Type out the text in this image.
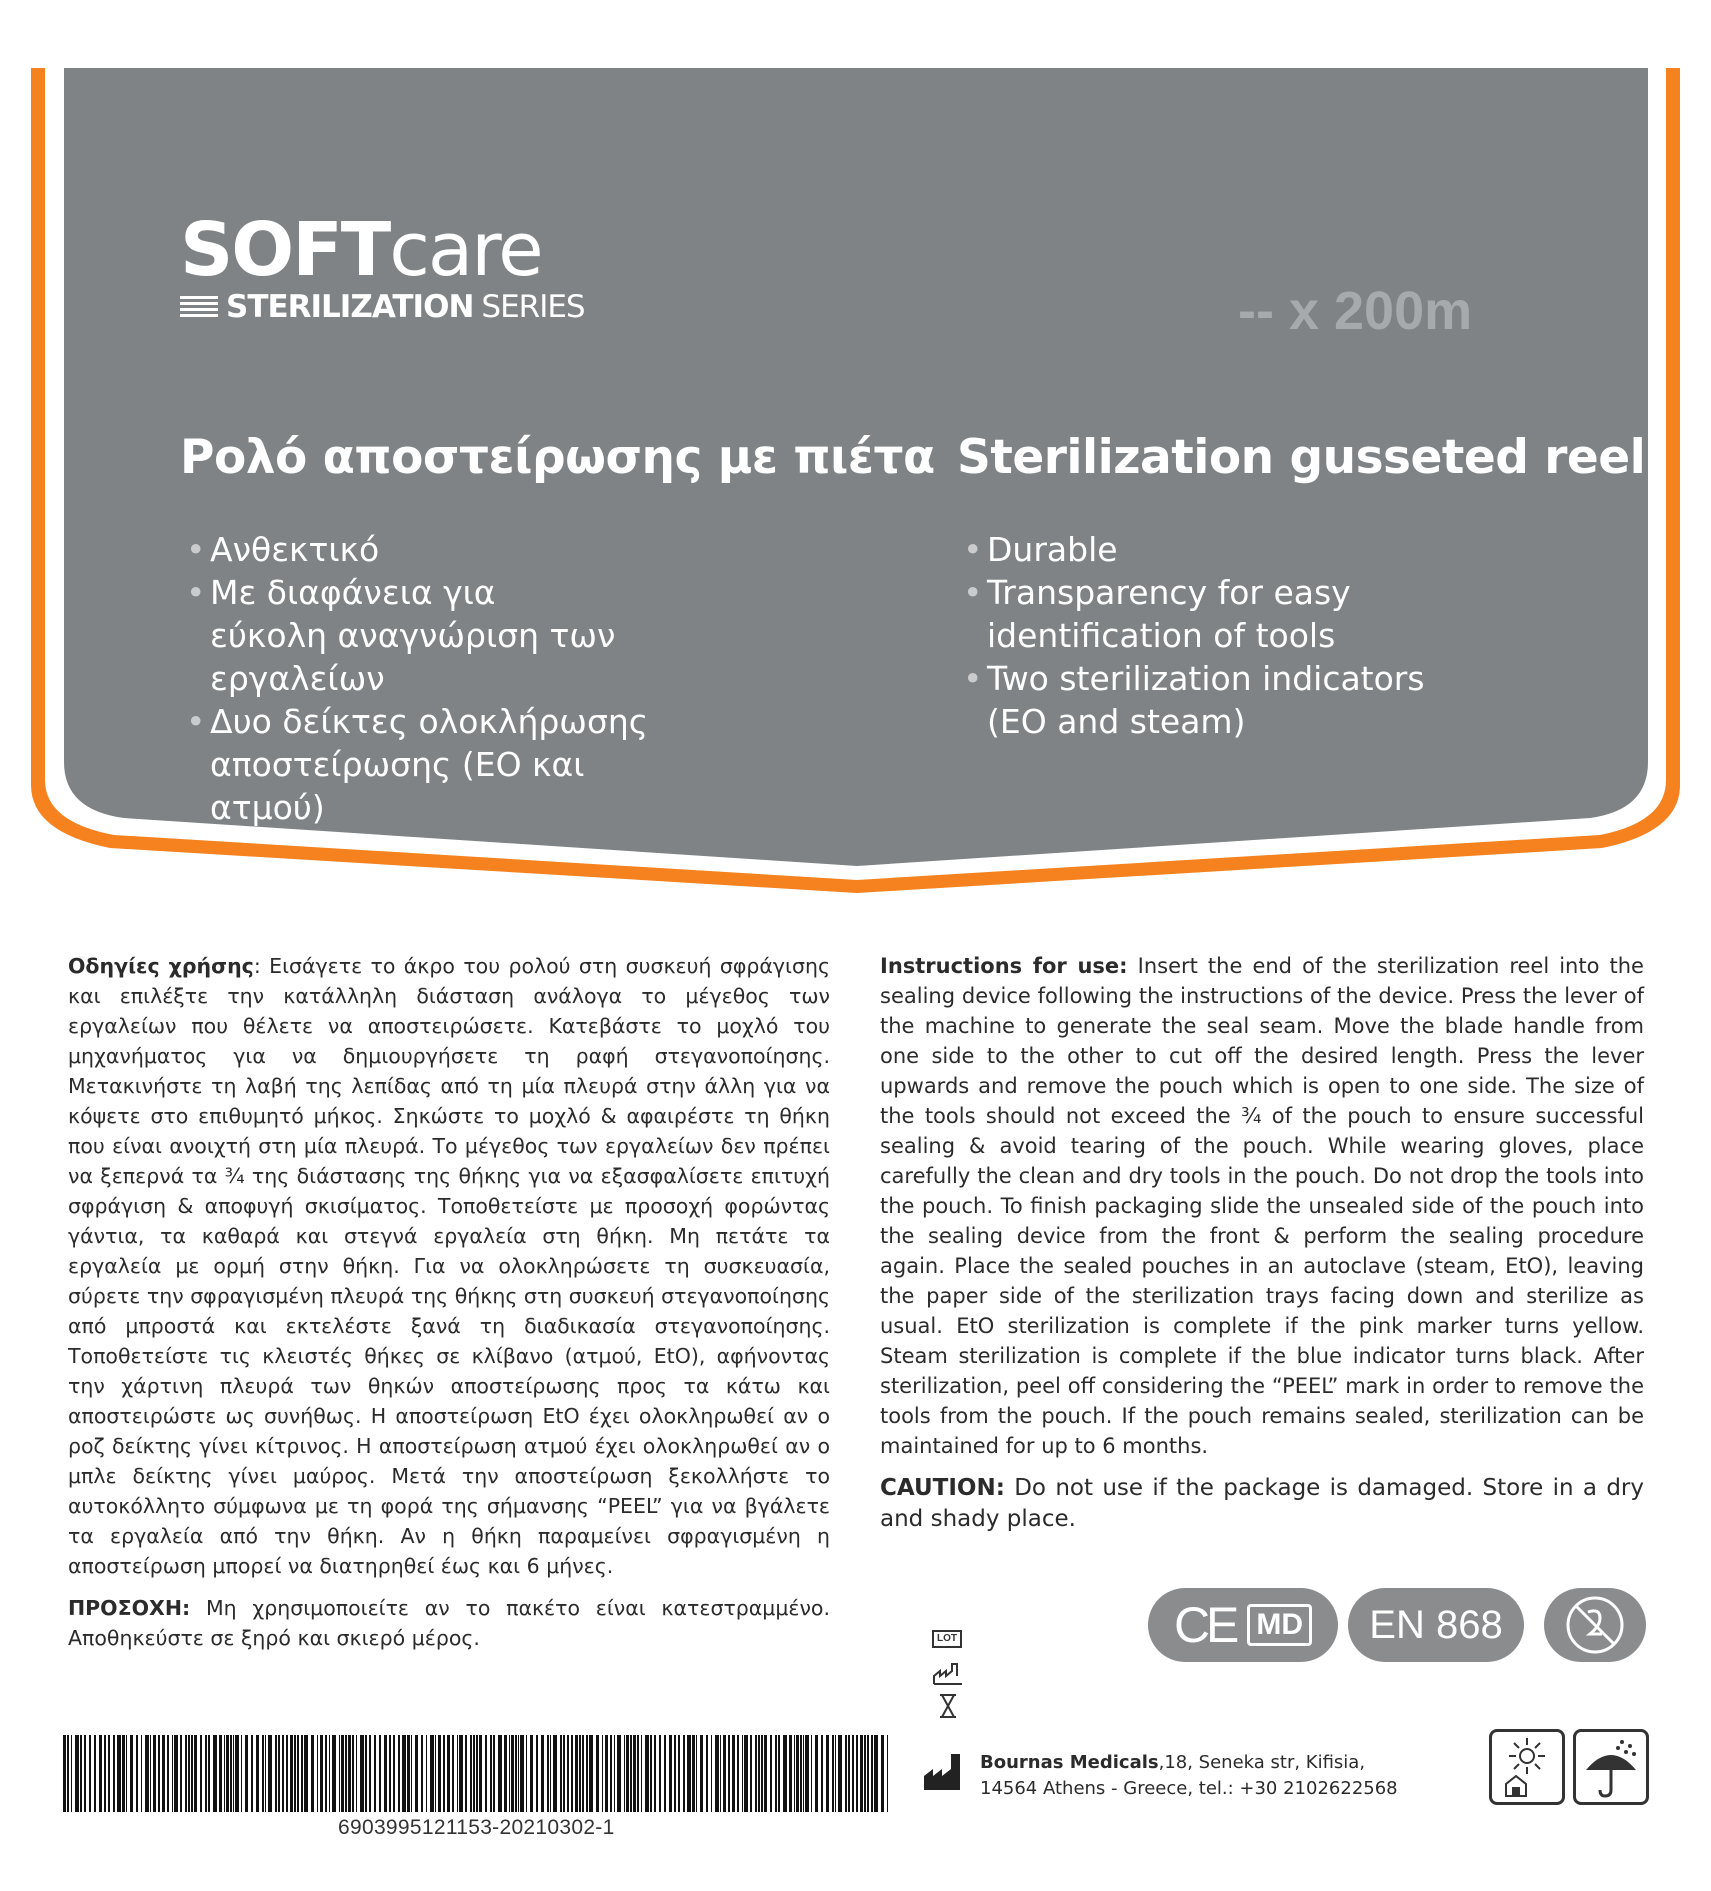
SOFTcare
STERILIZATION SERIES	-- x 200m
Ρολό αποστείρωσης με πιέτα
• Ανθεκτικό
• Με διαφάνεια για εύκολη αναγνώριση των εργαλείων
• Δυο δείκτες ολοκλήρωσης αποστείρωσης (ΕΟ και ατμού)
Sterilization gusseted reel
• Durable
• Transparency for easy identification of tools
• Two sterilization indicators (EO and steam)

Οδηγίες χρήσης: Εισάγετε το άκρο του ρολού στη συσκευή σφράγισης και επιλέξτε την κατάλληλη διάσταση ανάλογα το μέγεθος των εργαλείων που θέλετε να αποστειρώσετε. Κατεβάστε το μοχλό του μηχανήματος για να δημιουργήσετε τη ραφή στεγανοποίησης. Μετακινήστε τη λαβή της λεπίδας από τη μία πλευρά στην άλλη για να κόψετε στο επιθυμητό μήκος. Σηκώστε το μοχλό & αφαιρέστε τη θήκη που είναι ανοιχτή στη μία πλευρά. Το μέγεθος των εργαλείων δεν πρέπει να ξεπερνά τα ¾ της διάστασης της θήκης για να εξασφαλίσετε επιτυχή σφράγιση & αποφυγή σκισίματος. Τοποθετείστε με προσοχή φορώντας γάντια, τα καθαρά και στεγνά εργαλεία στη θήκη. Μη πετάτε τα εργαλεία με ορμή στην θήκη. Για να ολοκληρώσετε τη συσκευασία, σύρετε την σφραγισμένη πλευρά της θήκης στη συσκευή στεγανοποίησης από μπροστά και εκτελέστε ξανά τη διαδικασία στεγανοποίησης. Τοποθετείστε τις κλειστές θήκες σε κλίβανο (ατμού, EtO), αφήνοντας την χάρτινη πλευρά των θηκών αποστείρωσης προς τα κάτω και αποστειρώστε ως συνήθως. Η αποστείρωση EtO έχει ολοκληρωθεί αν ο ροζ δείκτης γίνει κίτρινος. Η αποστείρωση ατμού έχει ολοκληρωθεί αν ο μπλε δείκτης γίνει μαύρος. Μετά την αποστείρωση ξεκολλήστε το αυτοκόλλητο σύμφωνα με τη φορά της σήμανσης “PEEL” για να βγάλετε τα εργαλεία από την θήκη. Αν η θήκη παραμείνει σφραγισμένη η αποστείρωση μπορεί να διατηρηθεί έως και 6 μήνες.

ΠΡΟΣΟΧΗ: Μη χρησιμοποιείτε αν το πακέτο είναι κατεστραμμένο. Αποθηκεύστε σε ξηρό και σκιερό μέρος.

Instructions for use: Insert the end of the sterilization reel into the sealing device following the instructions of the device. Press the lever of the machine to generate the seal seam. Move the blade handle from one side to the other to cut off the desired length. Press the lever upwards and remove the pouch which is open to one side. The size of the tools should not exceed the ¾ of the pouch to ensure successful sealing & avoid tearing of the pouch. While wearing gloves, place carefully the clean and dry tools in the pouch. Do not drop the tools into the pouch. To finish packaging slide the unsealed side of the pouch into the sealing device from the front & perform the sealing procedure again. Place the sealed pouches in an autoclave (steam, EtO), leaving the paper side of the sterilization trays facing down and sterilize as usual. EtO sterilization is complete if the pink marker turns yellow. Steam sterilization is complete if the blue indicator turns black. After sterilization, peel off considering the “PEEL” mark in order to remove the tools from the pouch. If the pouch remains sealed, sterilization can be maintained for up to 6 months.

CAUTION: Do not use if the package is damaged. Store in a dry and shady place.

CE MD	EN 868
LOT
6903995121153-20210302-1
Bournas Medicals,18, Seneka str, Kifisia,
14564 Athens - Greece, tel.: +30 2102622568
